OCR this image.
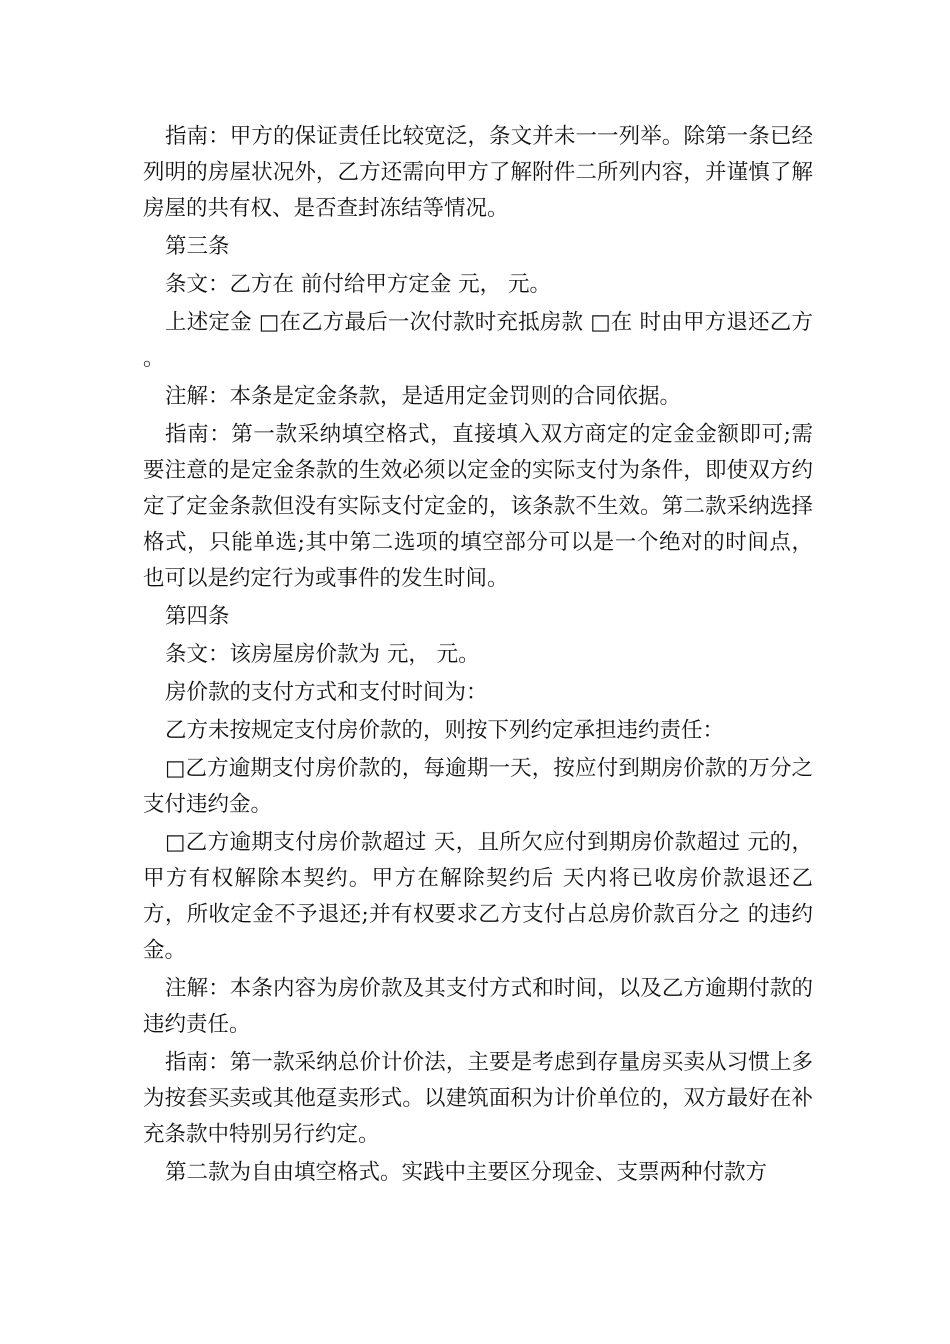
指南：甲方的保证责任比较宽泛，条文并未一一列举。除第一条已经列明的房屋状况外，乙方还需向甲方了解附件二所列内容，并谨慎了解房屋的共有权、是否查封冻结等情况。

第三条

条文：乙方在 前付给甲方定金 元， 元。

上述定金 □在乙方最后一次付款时充抵房款 □在 时由甲方退还乙方 。

注解：本条是定金条款，是适用定金罚则的合同依据。

指南：第一款采纳填空格式，直接填入双方商定的定金金额即可;需要注意的是定金条款的生效必须以定金的实际支付为条件，即使双方约定了定金条款但没有实际支付定金的，该条款不生效。第二款采纳选择格式，只能单选;其中第二选项的填空部分可以是一个绝对的时间点，也可以是约定行为或事件的发生时间。

第四条

条文：该房屋房价款为 元， 元。

房价款的支付方式和支付时间为：

乙方未按规定支付房价款的，则按下列约定承担违约责任：

□乙方逾期支付房价款的，每逾期一天，按应付到期房价款的万分之 支付违约金。

□乙方逾期支付房价款超过 天，且所欠应付到期房价款超过 元的，甲方有权解除本契约。甲方在解除契约后 天内将已收房价款退还乙方，所收定金不予退还;并有权要求乙方支付占总房价款百分之 的违约金。

注解：本条内容为房价款及其支付方式和时间，以及乙方逾期付款的违约责任。

指南：第一款采纳总价计价法，主要是考虑到存量房买卖从习惯上多为按套买卖或其他趸卖形式。以建筑面积为计价单位的，双方最好在补充条款中特别另行约定。

第二款为自由填空格式。实践中主要区分现金、支票两种付款方
